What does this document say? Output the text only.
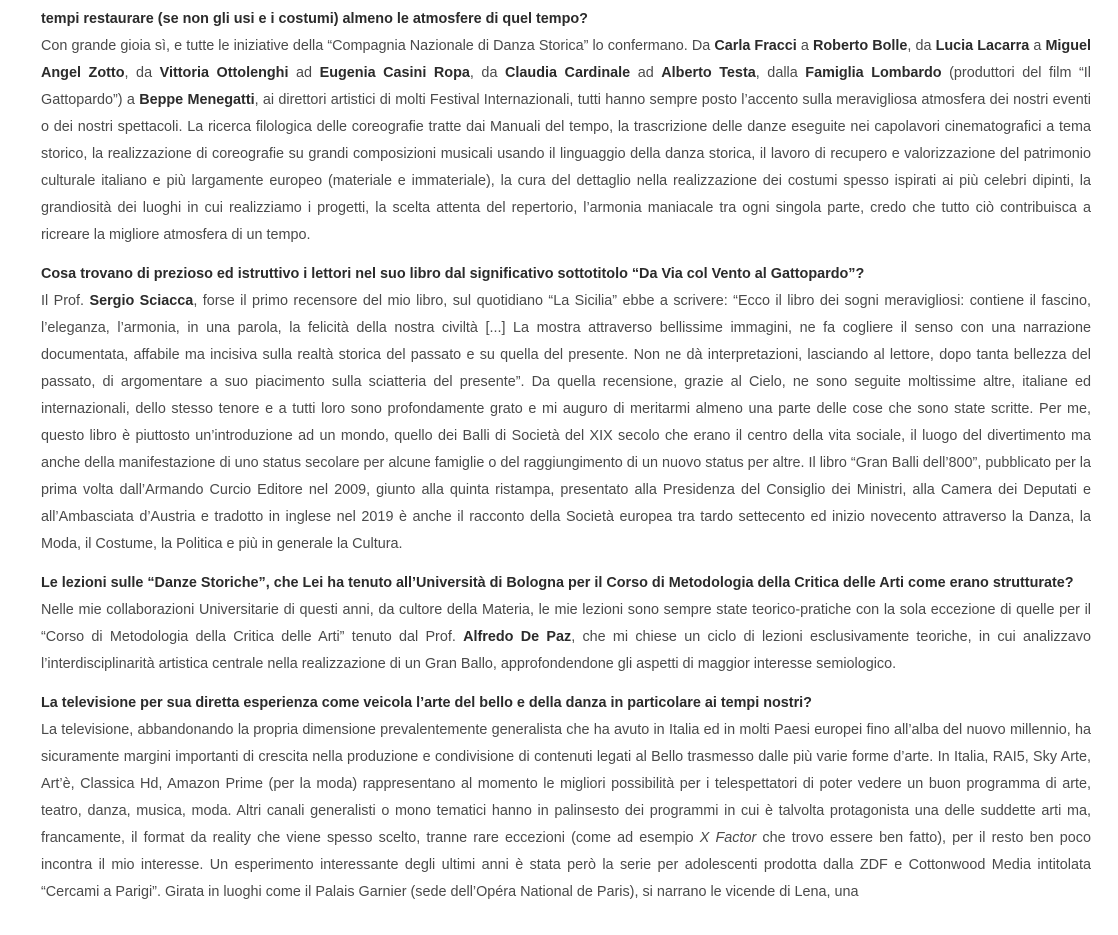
tempi restaurare (se non gli usi e i costumi) almeno le atmosfere di quel tempo?

Con grande gioia sì, e tutte le iniziative della “Compagnia Nazionale di Danza Storica” lo confermano. Da Carla Fracci a Roberto Bolle, da Lucia Lacarra a Miguel Angel Zotto, da Vittoria Ottolenghi ad Eugenia Casini Ropa, da Claudia Cardinale ad Alberto Testa, dalla Famiglia Lombardo (produttori del film “Il Gattopardo”) a Beppe Menegatti, ai direttori artistici di molti Festival Internazionali, tutti hanno sempre posto l’accento sulla meravigliosa atmosfera dei nostri eventi o dei nostri spettacoli. La ricerca filologica delle coreografie tratte dai Manuali del tempo, la trascrizione delle danze eseguite nei capolavori cinematografici a tema storico, la realizzazione di coreografie su grandi composizioni musicali usando il linguaggio della danza storica, il lavoro di recupero e valorizzazione del patrimonio culturale italiano e più largamente europeo (materiale e immateriale), la cura del dettaglio nella realizzazione dei costumi spesso ispirati ai più celebri dipinti, la grandiosità dei luoghi in cui realizziamo i progetti, la scelta attenta del repertorio, l’armonia maniacale tra ogni singola parte, credo che tutto ciò contribuisca a ricreare la migliore atmosfera di un tempo.

Cosa trovano di prezioso ed istruttivo i lettori nel suo libro dal significativo sottotitolo “Da Via col Vento al Gattopardo”?

Il Prof. Sergio Sciacca, forse il primo recensore del mio libro, sul quotidiano “La Sicilia” ebbe a scrivere: “Ecco il libro dei sogni meravigliosi: contiene il fascino, l’eleganza, l’armonia, in una parola, la felicità della nostra civiltà [...] La mostra attraverso bellissime immagini, ne fa cogliere il senso con una narrazione documentata, affabile ma incisiva sulla realtà storica del passato e su quella del presente. Non ne dà interpretazioni, lasciando al lettore, dopo tanta bellezza del passato, di argomentare a suo piacimento sulla sciatteria del presente”. Da quella recensione, grazie al Cielo, ne sono seguite moltissime altre, italiane ed internazionali, dello stesso tenore e a tutti loro sono profondamente grato e mi auguro di meritarmi almeno una parte delle cose che sono state scritte. Per me, questo libro è piuttosto un’introduzione ad un mondo, quello dei Balli di Società del XIX secolo che erano il centro della vita sociale, il luogo del divertimento ma anche della manifestazione di uno status secolare per alcune famiglie o del raggiungimento di un nuovo status per altre. Il libro “Gran Balli dell’800”, pubblicato per la prima volta dall’Armando Curcio Editore nel 2009, giunto alla quinta ristampa, presentato alla Presidenza del Consiglio dei Ministri, alla Camera dei Deputati e all’Ambasciata d’Austria e tradotto in inglese nel 2019 è anche il racconto della Società europea tra tardo settecento ed inizio novecento attraverso la Danza, la Moda, il Costume, la Politica e più in generale la Cultura.

Le lezioni sulle “Danze Storiche”, che Lei ha tenuto all’Università di Bologna per il Corso di Metodologia della Critica delle Arti come erano strutturate?

Nelle mie collaborazioni Universitarie di questi anni, da cultore della Materia, le mie lezioni sono sempre state teorico-pratiche con la sola eccezione di quelle per il “Corso di Metodologia della Critica delle Arti” tenuto dal Prof. Alfredo De Paz, che mi chiese un ciclo di lezioni esclusivamente teoriche, in cui analizzavo l’interdisciplinarità artistica centrale nella realizzazione di un Gran Ballo, approfondendone gli aspetti di maggior interesse semiologico.

La televisione per sua diretta esperienza come veicola l’arte del bello e della danza in particolare ai tempi nostri?

La televisione, abbandonando la propria dimensione prevalentemente generalista che ha avuto in Italia ed in molti Paesi europei fino all’alba del nuovo millennio, ha sicuramente margini importanti di crescita nella produzione e condivisione di contenuti legati al Bello trasmesso dalle più varie forme d’arte. In Italia, RAI5, Sky Arte, Art’è, Classica Hd, Amazon Prime (per la moda) rappresentano al momento le migliori possibilità per i telespettatori di poter vedere un buon programma di arte, teatro, danza, musica, moda. Altri canali generalisti o mono tematici hanno in palinsesto dei programmi in cui è talvolta protagonista una delle suddette arti ma, francamente, il format da reality che viene spesso scelto, tranne rare eccezioni (come ad esempio X Factor che trovo essere ben fatto), per il resto ben poco incontra il mio interesse. Un esperimento interessante degli ultimi anni è stata però la serie per adolescenti prodotta dalla ZDF e Cottonwood Media intitolata “Cercami a Parigi”. Girata in luoghi come il Palais Garnier (sede dell’Opéra National de Paris), si narrano le vicende di Lena, una
